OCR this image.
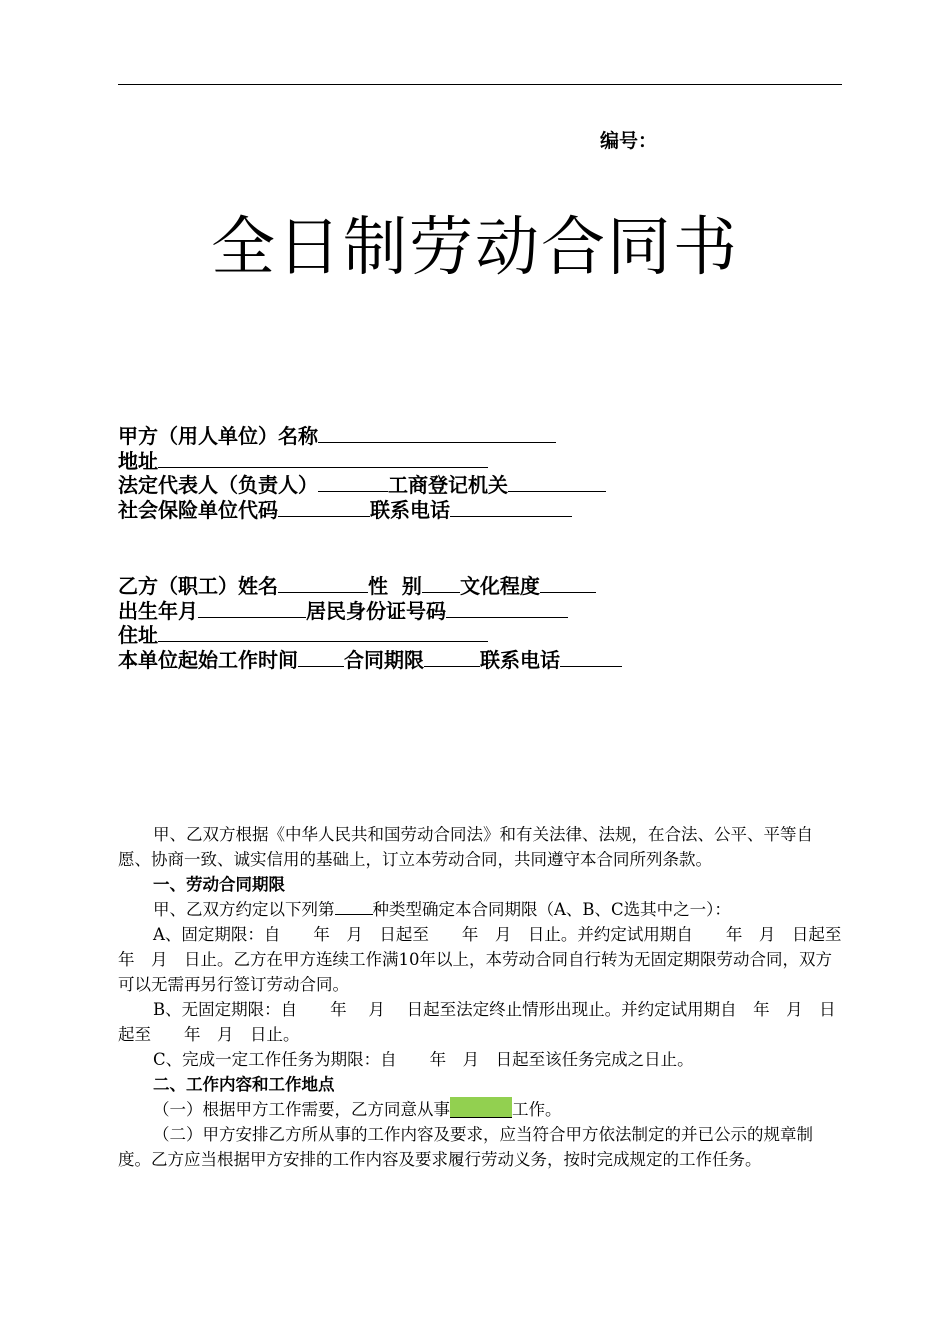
编号：
全日制劳动合同书
甲方（用人单位）名称
地址
法定代表人（负责人）	工商登记机关
社会保险单位代码	联系电话
乙方（职工）姓名	性  别 文化程度
出生年月	居民身份证号码
住址
本单位起始工作时间 合同期限	联系电话

甲、乙双方根据《中华人民共和国劳动合同法》和有关法律、法规，在合法、公平、平等自愿、协商一致、诚实信用的基础上，订立本劳动合同，共同遵守本合同所列条款。

一、劳动合同期限

甲、乙双方约定以下列第 种类型确定本合同期限（A、B、C选其中之一）：

A、固定期限：自　　年　月　日起至　　年　月　日止。并约定试用期自　　年　月　日起至　　年　月　日止。乙方在甲方连续工作满10年以上，本劳动合同自行转为无固定期限劳动合同，双方可以无需再另行签订劳动合同。

B、无固定期限：自　　年　 月　 日起至法定终止情形出现止。并约定试用期自　年　月　日起至　　年　月　日止。

C、完成一定工作任务为期限：自　　年　月　日起至该任务完成之日止。

二、工作内容和工作地点

（一）根据甲方工作需要，乙方同意从事	工作。

（二）甲方安排乙方所从事的工作内容及要求，应当符合甲方依法制定的并已公示的规章制度。乙方应当根据甲方安排的工作内容及要求履行劳动义务，按时完成规定的工作任务。
